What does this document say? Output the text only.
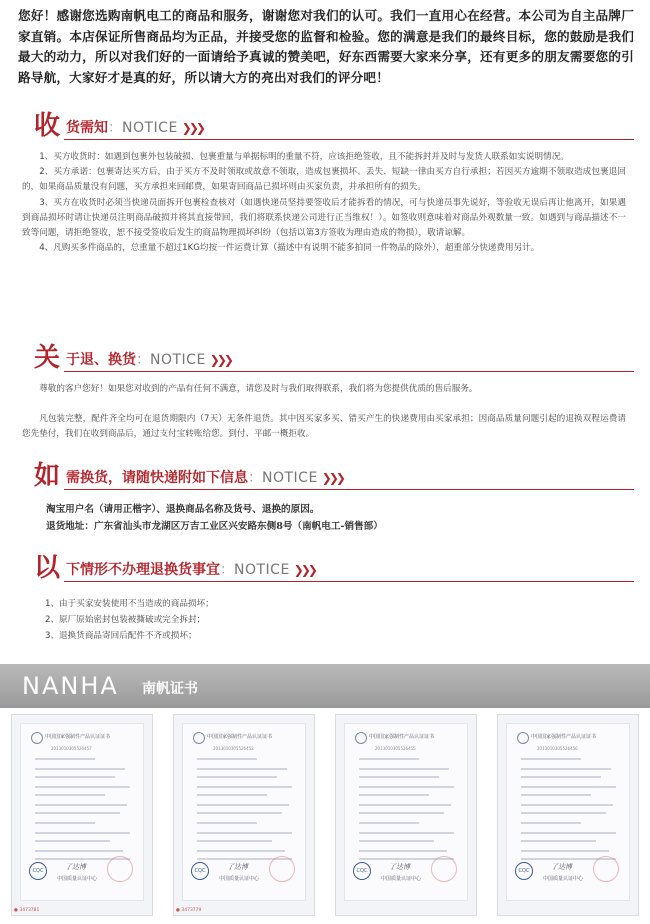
您好！感谢您选购南帆电工的商品和服务，谢谢您对我们的认可。我们一直用心在经营。本公司为自主品牌厂家直销。本店保证所售商品均为正品，并接受您的监督和检验。您的满意是我们的最终目标，您的鼓励是我们最大的动力，所以对我们好的一面请给予真诚的赞美吧，好东西需要大家来分享，还有更多的朋友需要您的引路导航，大家好才是真的好，所以请大方的亮出对我们的评分吧！
收 货需知：NOTICE ❯❯❯

1、买方收货时：如遇到包裹外包装破损、包裹重量与单据标明的重量不符，应该拒绝签收，且不能拆封并及时与发货人联系如实说明情况。

2、买方承诺：包裹寄达买方后，由于买方不及时领取或故意不领取，造成包裹损坏、丢失、短缺一律由买方自行承担；若因买方逾期不领取造成包裹退回的，如果商品质量没有问题，买方承担来回邮费，如果寄回商品已损坏则由买家负责，并承担所有的损失。

3、买方在收货时必须当快递员面拆开包裹检查核对（如遇快递员坚持要签收后才能拆看的情况，可与快递员事先说好，等验收无误后再让他离开，如果遇到商品损坏时请让快递员注明商品破损并将其直接带回，我们将联系快递公司进行正当维权！）。如签收则意味着对商品外观数量一致。如遇到与商品描述不一致等问题，请拒绝签收，恕不接受签收后发生的商品物理损坏纠纷（包括以第3方签收为理由造成的物损），敬请谅解。

4、凡购买多件商品的，总重量不超过1KG均按一件运费计算（描述中有说明不能多拍同一件物品的除外），超重部分快递费用另计。

关 于退、换货：NOTICE ❯❯❯

尊敬的客户您好！如果您对收到的产品有任何不满意，请您及时与我们取得联系，我们将为您提供优质的售后服务。

凡包装完整，配件齐全均可在退货期限内（7天）无条件退货。其中因买家多买、错买产生的快递费用由买家承担；因商品质量问题引起的退换双程运费请您先垫付，我们在收到商品后，通过支付宝转账给您。到付、平邮一概拒收。

如 需换货，请随快递附如下信息：NOTICE ❯❯❯
淘宝用户名（请用正楷字）、退换商品名称及货号、退换的原因。
退货地址：广东省汕头市龙湖区万吉工业区兴安路东侧8号（南帆电工-销售部）
以 下情形不办理退换货事宜：NOTICE ❯❯❯
1、由于买家安装使用不当造成的商品损坏；
2、原厂原始密封包装被撕破或完全拆封；
3、退换货商品寄回后配件不齐或损坏；
NANHA 南帆证书
中国国家强制性产品认证证书
2013010305526457
CQC	了达博
中国质量认证中心
● 3473781
中国国家强制性产品认证证书
2013010305526453
CQC	了达博
中国质量认证中心
● 3473779
中国国家强制性产品认证证书
2013010305526455
CQC	了达博
中国质量认证中心
中国国家强制性产品认证证书
2013010305526456
CQC	了达博
中国质量认证中心
